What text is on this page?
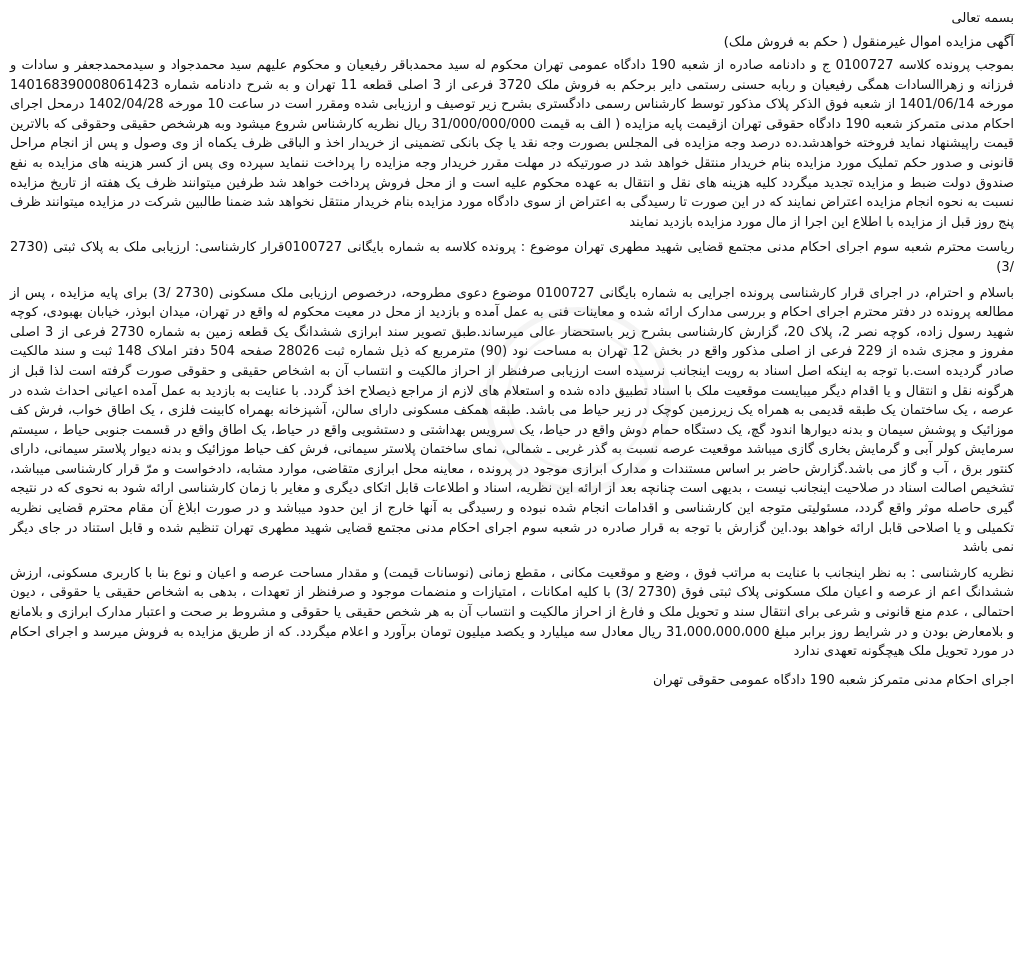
بسمه تعالی

آگهی مزایده اموال غیرمنقول ( حکم به فروش ملک)

بموجب پرونده کلاسه 0100727 ج و دادنامه صادره از شعبه 190 دادگاه عمومی تهران محکوم له سید محمدباقر رفیعیان و محکوم علیهم سید محمدجواد و سیدمحمدجعفر و سادات و فرزانه و زهراالسادات همگی رفیعیان و ربابه حسنی رستمی دایر برحکم به فروش ملک 3720 فرعی از 3 اصلی قطعه 11 تهران و به شرح دادنامه شماره 140168390008061423 مورخه 1401/06/14 از شعبه فوق الذکر پلاک مذکور توسط کارشناس رسمی دادگستری بشرح زیر توصیف و ارزیابی شده ومقرر است در ساعت 10 مورخه 1402/04/28 درمحل اجرای احکام مدنی متمرکز شعبه 190 دادگاه حقوقی تهران ازقیمت پایه مزایده ( الف به قیمت 31/000/000/000 ریال نظریه کارشناس شروع میشود وبه هرشخص حقیقی وحقوقی که بالاترین قیمت راپیشنهاد نماید فروخته خواهدشد.ده درصد وجه مزایده فی المجلس بصورت وجه نقد یا چک بانکی تضمینی از خریدار اخذ و الباقی ظرف یکماه از وی وصول و پس از انجام مراحل قانونی و صدور حکم تملیک مورد مزایده بنام خریدار منتقل خواهد شد در صورتیکه در مهلت مقرر خریدار وجه مزایده را پرداخت ننماید سپرده وی پس از کسر هزینه های مزایده به نفع صندوق دولت ضبط و مزایده تجدید میگردد کلیه هزینه های نقل و انتقال به عهده محکوم علیه است و از محل فروش پرداخت خواهد شد طرفین میتوانند ظرف یک هفته از تاریخ مزایده نسبت به نحوه انجام مزایده اعتراض نمایند که در این صورت تا رسیدگی به اعتراض از سوی دادگاه مورد مزایده بنام خریدار منتقل نخواهد شد ضمنا طالبین شرکت در مزایده میتوانند ظرف پنج روز قبل از مزایده با اطلاع این اجرا از مال مورد مزایده بازدید نمایند

ریاست محترم شعبه سوم اجرای احکام مدنی مجتمع قضایی شهید مطهری تهران موضوع : پرونده کلاسه به شماره بایگانی 0100727قرار کارشناسی: ارزیابی ملک به پلاک ثبتی (2730 /3)

باسلام و احترام، در اجرای قرار کارشناسی پرونده اجرایی به شماره بایگانی 0100727 موضوع دعوی مطروحه، درخصوص ارزیابی ملک مسکونی (2730 /3) برای پایه مزایده ، پس از مطالعه پرونده در دفتر محترم اجرای احکام و بررسی مدارک ارائه شده و معاینات فنی به عمل آمده و بازدید از محل در معیت محکوم له واقع در تهران، میدان ابوذر، خیابان بهبودی، کوچه شهید رسول زاده، کوچه نصر 2، پلاک 20، گزارش کارشناسی بشرح زیر باستحضار عالی میرساند.طبق تصویر سند ابرازی ششدانگ یک قطعه زمین به شماره 2730 فرعی از 3 اصلی مفروز و مجزی شده از 229 فرعی از اصلی مذکور واقع در بخش 12 تهران به مساحت نود (90) مترمربع که ذیل شماره ثبت 28026 صفحه 504 دفتر املاک 148 ثبت و سند مالکیت صادر گردیده است.با توجه به اینکه اصل اسناد به رویت اینجانب نرسیده است ارزیابی صرفنظر از احراز مالکیت و انتساب آن به اشخاص حقیقی و حقوقی صورت گرفته است لذا قبل از هرگونه نقل و انتقال و یا اقدام دیگر میبایست موقعیت ملک با اسناد تطبیق داده شده و استعلام های لازم از مراجع ذیصلاح اخذ گردد. با عنایت به بازدید به عمل آمده اعیانی احداث شده در عرصه ، یک ساختمان یک طبقه قدیمی به همراه یک زیرزمین کوچک در زیر حیاط می باشد. طبقه همکف مسکونی دارای سالن، آشپزخانه بهمراه کابینت فلزی ، یک اطاق خواب، فرش کف موزائیک و پوشش سیمان و بدنه دیوارها اندود گچ، یک دستگاه حمام دوش واقع در حیاط، یک سرویس بهداشتی و دستشویی واقع در حیاط، یک اطاق واقع در قسمت جنوبی حیاط ، سیستم سرمایش کولر آبی و گرمایش بخاری گازی میباشد موقعیت عرصه نسبت به گذر غربی ـ شمالی، نمای ساختمان پلاستر سیمانی، فرش کف حیاط موزائیک و بدنه دیوار پلاستر سیمانی، دارای کنتور برق ، آب و گاز می باشد.گزارش حاضر بر اساس مستندات و مدارک ابرازی موجود در پرونده ، معاینه محل ابرازی متقاضی، موارد مشابه، دادخواست و مرّ قرار کارشناسی میباشد، تشخیص اصالت اسناد در صلاحیت اینجانب نیست ، بدیهی است چنانچه بعد از ارائه این نظریه، اسناد و اطلاعات قابل اتکای دیگری و مغایر با زمان کارشناسی ارائه شود به نحوی که در نتیجه گیری حاصله موثر واقع گردد، مسئولیتی متوجه این کارشناسی و اقدامات انجام شده نبوده و رسیدگی به آنها خارج از این حدود میباشد و در صورت ابلاغ آن مقام محترم قضایی نظریه تکمیلی و یا اصلاحی قابل ارائه خواهد بود.این گزارش با توجه به قرار صادره در شعبه سوم اجرای احکام مدنی مجتمع قضایی شهید مطهری تهران تنظیم شده و قابل استناد در جای دیگر نمی باشد

نظریه کارشناسی : به نظر اینجانب با عنایت به مراتب فوق ، وضع و موقعیت مکانی ، مقطع زمانی (نوسانات قیمت) و مقدار مساحت عرصه و اعیان و نوع بنا با کاربری مسکونی، ارزش ششدانگ اعم از عرصه و اعیان ملک مسکونی پلاک ثبتی فوق (2730 /3) با کلیه امکانات ، امتیازات و منضمات موجود و صرفنظر از تعهدات ، بدهی به اشخاص حقیقی یا حقوقی ، دیون احتمالی ، عدم منع قانونی و شرعی برای انتقال سند و تحویل ملک و فارغ از احراز مالکیت و انتساب آن به هر شخص حقیقی یا حقوقی و مشروط بر صحت و اعتبار مدارک ابرازی و بلامانع و بلامعارض بودن و در شرایط روز برابر مبلغ 31،000،000،000 ریال معادل سه میلیارد و یکصد میلیون تومان برآورد و اعلام میگردد. که از طریق مزایده به فروش میرسد و اجرای احکام در مورد تحویل ملک هیچگونه تعهدی ندارد

اجرای احکام مدنی متمرکز شعبه 190 دادگاه عمومی حقوقی تهران
